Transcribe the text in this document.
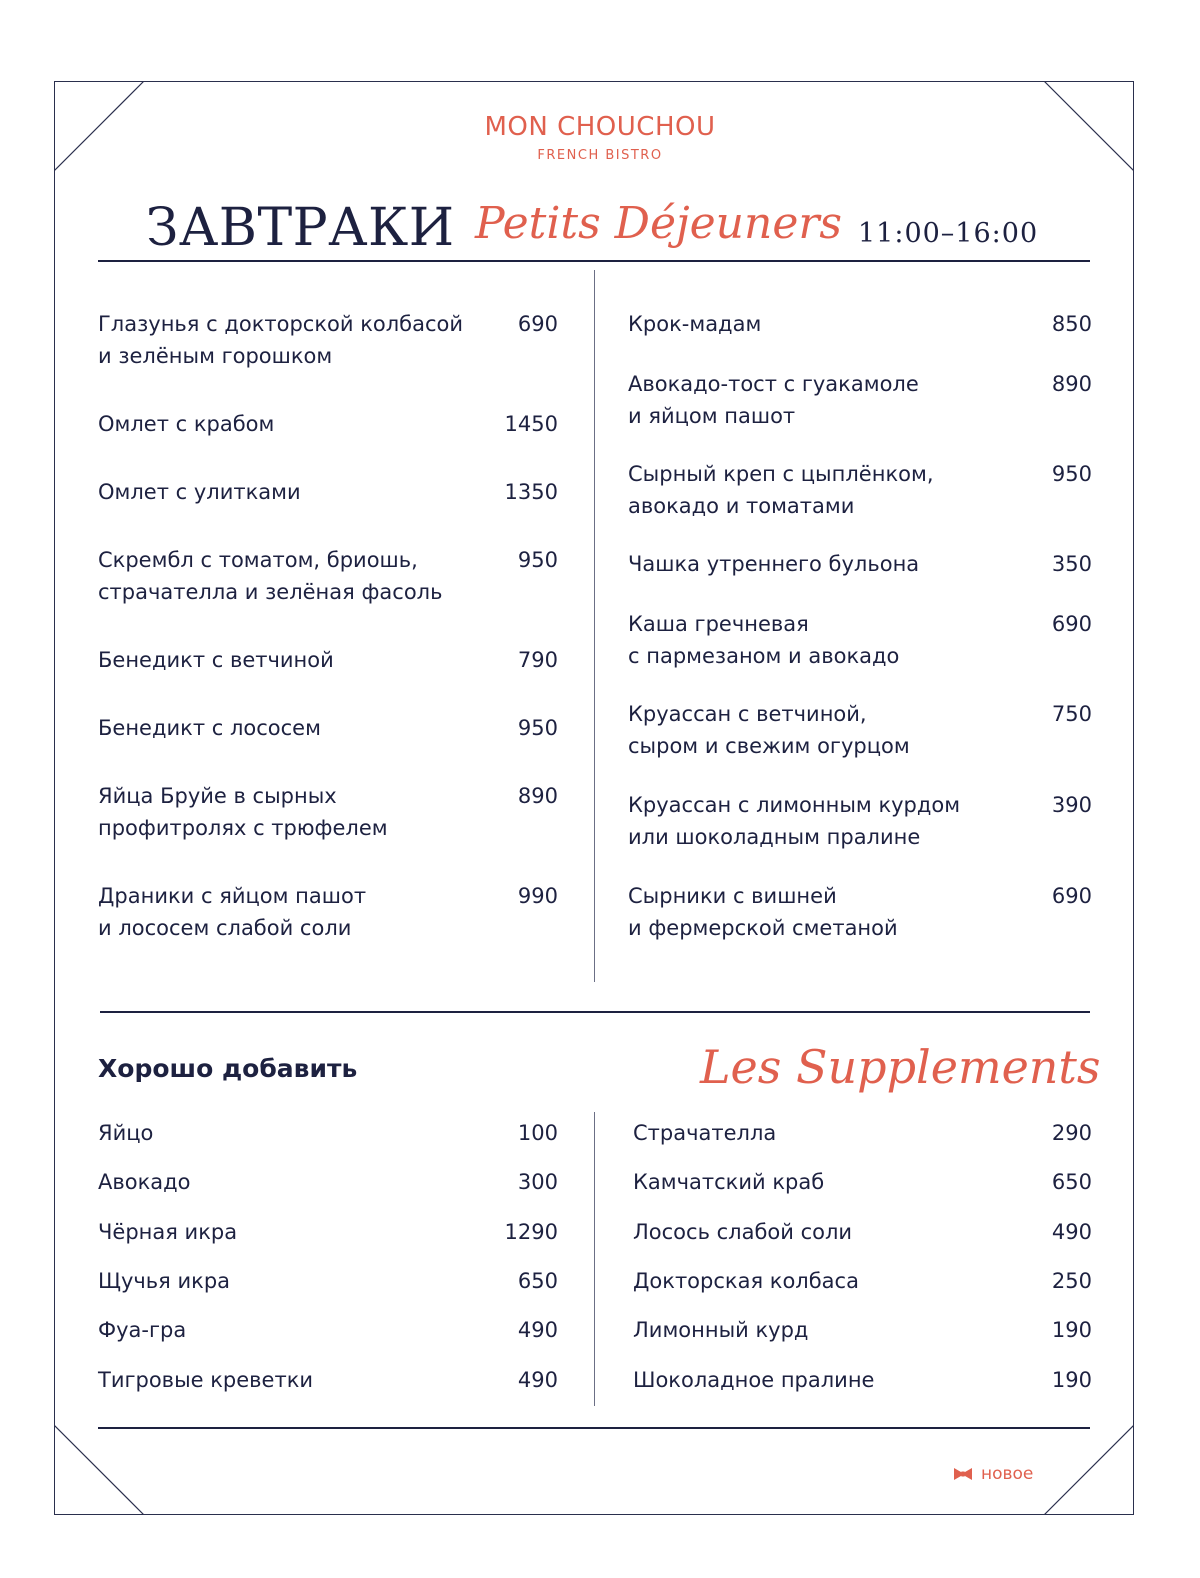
MON CHOUCHOU
FRENCH BISTRO
ЗАВТРАКИ Petits Déjeuners 11:00–16:00
Глазунья с докторской колбасой
и зелёным горошком
690
Омлет с крабом	1450
Омлет с улитками	1350
Скрембл с томатом, бриошь,
страчателла и зелёная фасоль
950
Бенедикт с ветчиной	790
Бенедикт с лососем	950
Яйца Бруйе в сырных
профитролях с трюфелем
890
Драники с яйцом пашот
и лососем слабой соли
990
Крок-мадам	850
Авокадо-тост с гуакамоле
и яйцом пашот
890
Сырный креп с цыплёнком,
авокадо и томатами
950
Чашка утреннего бульона	350
Каша гречневая
с пармезаном и авокадо
690
Круассан с ветчиной,
сыром и свежим огурцом
750
Круассан с лимонным курдом
или шоколадным пралине
390
Сырники с вишней
и фермерской сметаной
690
Хорошо добавить	Les Supplements
Яйцо	100
Авокадо	300
Чёрная икра	1290
Щучья икра	650
Фуа-гра	490
Тигровые креветки	490
Страчателла	290
Камчатский краб	650
Лосось слабой соли	490
Докторская колбаса	250
Лимонный курд	190
Шоколадное пралине	190
новое
